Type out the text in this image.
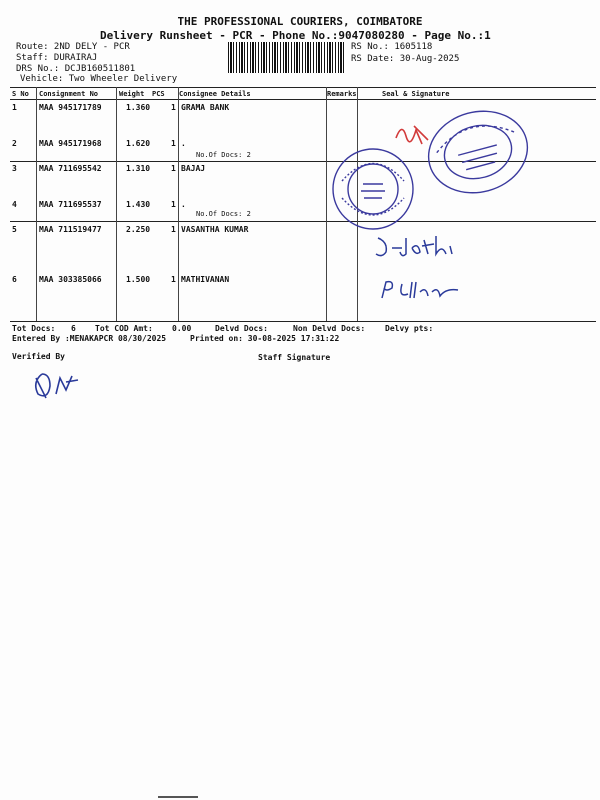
THE PROFESSIONAL COURIERS, COIMBATORE
Delivery Runsheet - PCR - Phone No.:9047080280 - Page No.:1
Route: 2ND DELY - PCR
Staff: DURAIRAJ
DRS No.: DCJB160511801
Vehicle: Two Wheeler Delivery
RS No.: 1605118
RS Date: 30-Aug-2025
S No Consignment No	Weight PCS Consignee Details	Remarks	Seal & Signature
1	MAA 945171789	1.360	1 GRAMA BANK
2	MAA 945171968	1.620	1 .
No.Of Docs: 2
3	MAA 711695542	1.310	1 BAJAJ
4	MAA 711695537	1.430	1 .
No.Of Docs: 2
5	MAA 711519477	2.250	1 VASANTHA KUMAR
6	MAA 303385066	1.500	1 MATHIVANAN
Tot Docs: 6 Tot COD Amt: 0.00	Delvd Docs:	Non Delvd Docs: Delvy pts:
Entered By :MENAKAPCR 08/30/2025	Printed on: 30-08-2025 17:31:22
Verified By	Staff Signature
